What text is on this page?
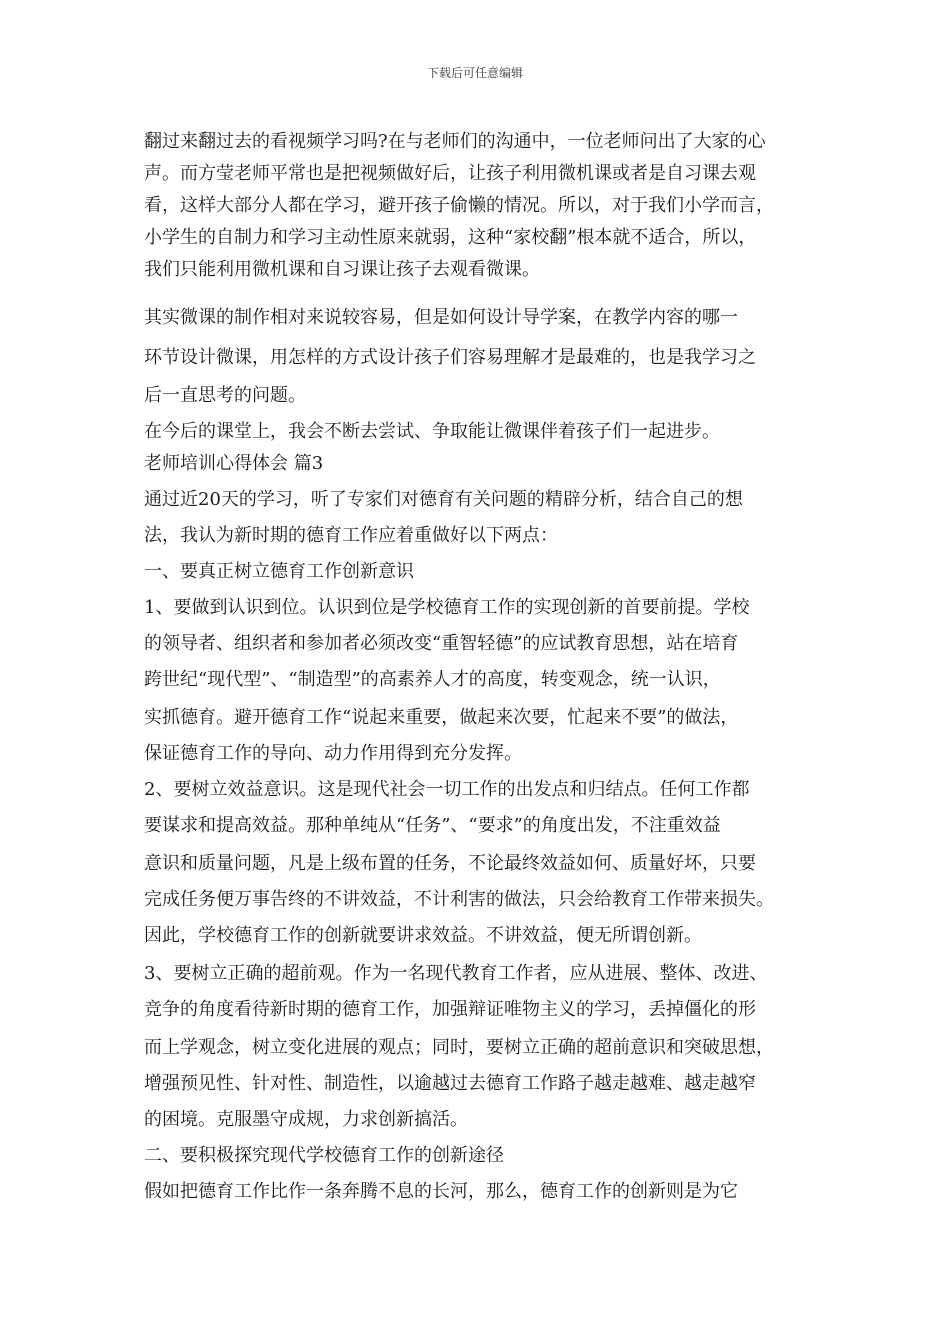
下载后可任意编辑
翻过来翻过去的看视频学习吗?在与老师们的沟通中，一位老师问出了大家的心
声。而方莹老师平常也是把视频做好后，让孩子利用微机课或者是自习课去观
看，这样大部分人都在学习，避开孩子偷懒的情况。所以，对于我们小学而言，
小学生的自制力和学习主动性原来就弱，这种“家校翻”根本就不适合，所以，
我们只能利用微机课和自习课让孩子去观看微课。
其实微课的制作相对来说较容易，但是如何设计导学案，在教学内容的哪一
环节设计微课，用怎样的方式设计孩子们容易理解才是最难的，也是我学习之
后一直思考的问题。
在今后的课堂上，我会不断去尝试、争取能让微课伴着孩子们一起进步。
老师培训心得体会 篇3
通过近20天的学习，听了专家们对德育有关问题的精辟分析，结合自己的想
法，我认为新时期的德育工作应着重做好以下两点：
一、要真正树立德育工作创新意识
1、要做到认识到位。认识到位是学校德育工作的实现创新的首要前提。学校
的领导者、组织者和参加者必须改变“重智轻德”的应试教育思想，站在培育
跨世纪“现代型”、“制造型”的高素养人才的高度，转变观念，统一认识，
实抓德育。避开德育工作“说起来重要，做起来次要，忙起来不要”的做法，
保证德育工作的导向、动力作用得到充分发挥。
2、要树立效益意识。这是现代社会一切工作的出发点和归结点。任何工作都
要谋求和提高效益。那种单纯从“任务”、“要求”的角度出发，不注重效益
意识和质量问题，凡是上级布置的任务，不论最终效益如何、质量好坏，只要
完成任务便万事告终的不讲效益，不计利害的做法，只会给教育工作带来损失。
因此，学校德育工作的创新就要讲求效益。不讲效益，便无所谓创新。
3、要树立正确的超前观。作为一名现代教育工作者，应从进展、整体、改进、
竞争的角度看待新时期的德育工作，加强辩证唯物主义的学习，丢掉僵化的形
而上学观念，树立变化进展的观点；同时，要树立正确的超前意识和突破思想，
增强预见性、针对性、制造性，以逾越过去德育工作路子越走越难、越走越窄
的困境。克服墨守成规，力求创新搞活。
二、要积极探究现代学校德育工作的创新途径
假如把德育工作比作一条奔腾不息的长河，那么，德育工作的创新则是为它
